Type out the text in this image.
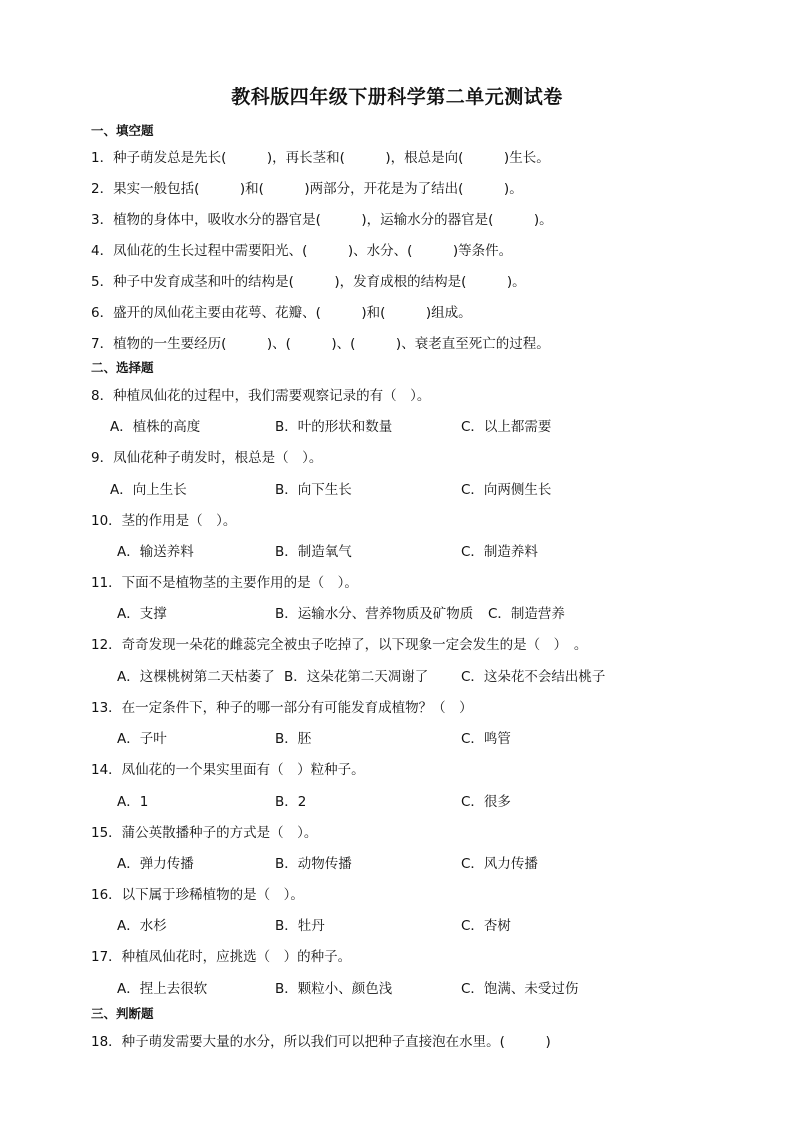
教科版四年级下册科学第二单元测试卷
一、填空题
1．种子萌发总是先长(　　　)，再长茎和(　　　)，根总是向(　　　)生长。
2．果实一般包括(　　　)和(　　　)两部分，开花是为了结出(　　　)。
3．植物的身体中，吸收水分的器官是(　　　)，运输水分的器官是(　　　)。
4．凤仙花的生长过程中需要阳光、(　　　)、水分、(　　　)等条件。
5．种子中发育成茎和叶的结构是(　　　)，发育成根的结构是(　　　)。
6．盛开的凤仙花主要由花萼、花瓣、(　　　)和(　　　)组成。
7．植物的一生要经历(　　　)、(　　　)、(　　　)、衰老直至死亡的过程。
二、选择题
8．种植凤仙花的过程中，我们需要观察记录的有（　）。
A．植株的高度	B．叶的形状和数量	C．以上都需要
9．凤仙花种子萌发时，根总是（　）。
A．向上生长	B．向下生长	C．向两侧生长
10．茎的作用是（　）。
A．输送养料	B．制造氧气	C．制造养料
11．下面不是植物茎的主要作用的是（　）。
A．支撑	B．运输水分、营养物质及矿物质 C．制造营养
12．奇奇发现一朵花的雌蕊完全被虫子吃掉了，以下现象一定会发生的是（　）　。
A．这棵桃树第二天枯萎了 B．这朵花第二天凋谢了 C．这朵花不会结出桃子
13．在一定条件下，种子的哪一部分有可能发育成植物？（　）
A．子叶	B．胚	C．鸣管
14．凤仙花的一个果实里面有（　）粒种子。
A．1	B．2	C．很多
15．蒲公英散播种子的方式是（　）。
A．弹力传播	B．动物传播	C．风力传播
16．以下属于珍稀植物的是（　）。
A．水杉	B．牡丹	C．杏树
17．种植凤仙花时，应挑选（　）的种子。
A．捏上去很软	B．颗粒小、颜色浅	C．饱满、未受过伤
三、判断题
18．种子萌发需要大量的水分，所以我们可以把种子直接泡在水里。(　　　)
